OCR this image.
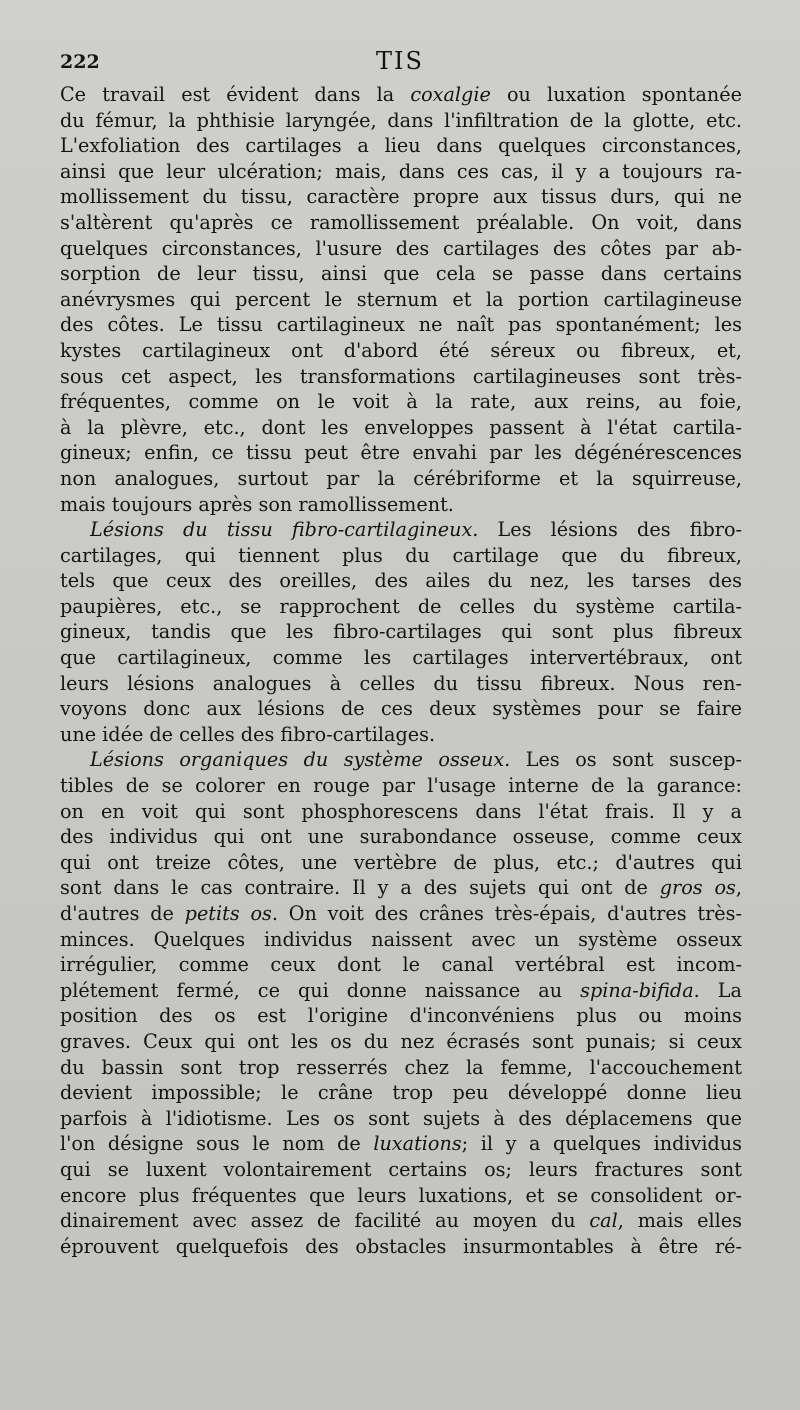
222	TIS
Ce travail est évident dans la coxalgie ou luxation spontanée
du fémur, la phthisie laryngée, dans l'infiltration de la glotte, etc.
L'exfoliation des cartilages a lieu dans quelques circonstances,
ainsi que leur ulcération; mais, dans ces cas, il y a toujours ra-
mollissement du tissu, caractère propre aux tissus durs, qui ne
s'altèrent qu'après ce ramollissement préalable. On voit, dans
quelques circonstances, l'usure des cartilages des côtes par ab-
sorption de leur tissu, ainsi que cela se passe dans certains
anévrysmes qui percent le sternum et la portion cartilagineuse
des côtes. Le tissu cartilagineux ne naît pas spontanément; les
kystes cartilagineux ont d'abord été séreux ou fibreux, et,
sous cet aspect, les transformations cartilagineuses sont très-
fréquentes, comme on le voit à la rate, aux reins, au foie,
à la plèvre, etc., dont les enveloppes passent à l'état cartila-
gineux; enfin, ce tissu peut être envahi par les dégénérescences
non analogues, surtout par la cérébriforme et la squirreuse,
mais toujours après son ramollissement.
Lésions du tissu fibro-cartilagineux. Les lésions des fibro-
cartilages, qui tiennent plus du cartilage que du fibreux,
tels que ceux des oreilles, des ailes du nez, les tarses des
paupières, etc., se rapprochent de celles du système cartila-
gineux, tandis que les fibro-cartilages qui sont plus fibreux
que cartilagineux, comme les cartilages intervertébraux, ont
leurs lésions analogues à celles du tissu fibreux. Nous ren-
voyons donc aux lésions de ces deux systèmes pour se faire
une idée de celles des fibro-cartilages.
Lésions organiques du système osseux. Les os sont suscep-
tibles de se colorer en rouge par l'usage interne de la garance:
on en voit qui sont phosphorescens dans l'état frais. Il y a
des individus qui ont une surabondance osseuse, comme ceux
qui ont treize côtes, une vertèbre de plus, etc.; d'autres qui
sont dans le cas contraire. Il y a des sujets qui ont de gros os,
d'autres de petits os. On voit des crânes très-épais, d'autres très-
minces. Quelques individus naissent avec un système osseux
irrégulier, comme ceux dont le canal vertébral est incom-
plétement fermé, ce qui donne naissance au spina-bifida. La
position des os est l'origine d'inconvéniens plus ou moins
graves. Ceux qui ont les os du nez écrasés sont punais; si ceux
du bassin sont trop resserrés chez la femme, l'accouchement
devient impossible; le crâne trop peu développé donne lieu
parfois à l'idiotisme. Les os sont sujets à des déplacemens que
l'on désigne sous le nom de luxations; il y a quelques individus
qui se luxent volontairement certains os; leurs fractures sont
encore plus fréquentes que leurs luxations, et se consolident or-
dinairement avec assez de facilité au moyen du cal, mais elles
éprouvent quelquefois des obstacles insurmontables à être ré-
